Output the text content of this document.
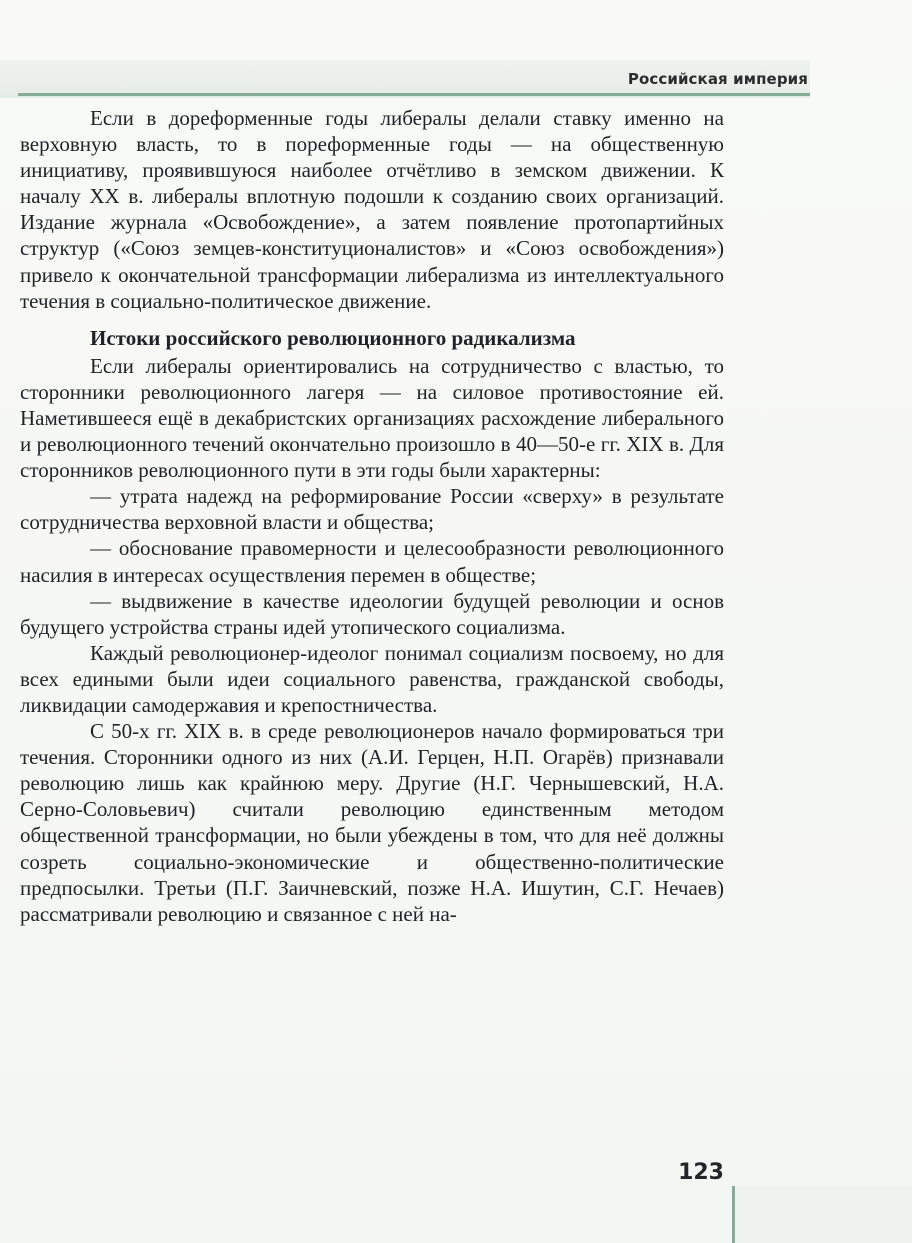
Российская империя

Если в дореформенные годы либералы делали ставку именно на верховную власть, то в пореформенные годы — на общественную инициативу, проявившуюся наиболее отчётливо в земском движении. К началу XX в. либералы вплотную подошли к созданию своих организаций. Издание журнала «Освобождение», а затем появление протопартийных структур («Союз земцев-конституционалистов» и «Союз освобождения») привело к окончательной трансформации либерализма из интеллектуального течения в социально-политическое движение.

Истоки российского революционного радикализма

Если либералы ориентировались на сотрудничество с властью, то сторонники революционного лагеря — на силовое противостояние ей. Наметившееся ещё в декабристских организациях расхождение либерального и революционного течений окончательно произошло в 40—50-е гг. XIX в. Для сторонников революционного пути в эти годы были характерны:

— утрата надежд на реформирование России «сверху» в результате сотрудничества верховной власти и общества;
— обоснование правомерности и целесообразности революционного насилия в интересах осуществления перемен в обществе;
— выдвижение в качестве идеологии будущей революции и основ будущего устройства страны идей утопического социализма.

Каждый революционер-идеолог понимал социализм посвоему, но для всех едиными были идеи социального равенства, гражданской свободы, ликвидации самодержавия и крепостничества.

С 50-х гг. XIX в. в среде революционеров начало формироваться три течения. Сторонники одного из них (А.И. Герцен, Н.П. Огарёв) признавали революцию лишь как крайнюю меру. Другие (Н.Г. Чернышевский, Н.А. Серно-Соловьевич) считали революцию единственным методом общественной трансформации, но были убеждены в том, что для неё должны созреть социально-экономические и общественно-политические предпосылки. Третьи (П.Г. Заичневский, позже Н.А. Ишутин, С.Г. Нечаев) рассматривали революцию и связанное с ней на-

123
